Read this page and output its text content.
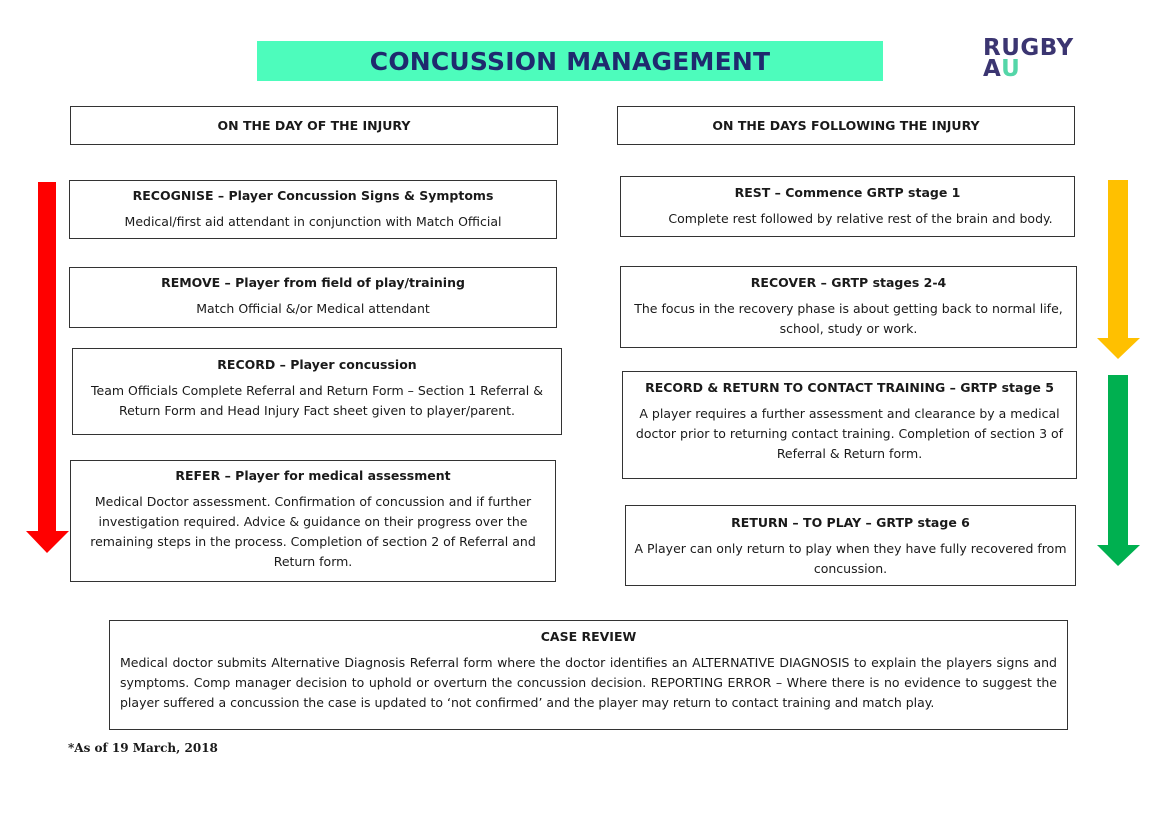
CONCUSSION MANAGEMENT	RUGBY
AU
ON THE DAY OF THE INJURY	ON THE DAYS FOLLOWING THE INJURY
RECOGNISE – Player Concussion Signs & Symptoms
Medical/first aid attendant in conjunction with Match Official
REMOVE – Player from field of play/training
Match Official &/or Medical attendant
RECORD – Player concussion
Team Officials Complete Referral and Return Form – Section 1 Referral & Return Form and Head Injury Fact sheet given to player/parent.
REFER – Player for medical assessment
Medical Doctor assessment. Confirmation of concussion and if further investigation required. Advice & guidance on their progress over the remaining steps in the process. Completion of section 2 of Referral and Return form.
REST – Commence GRTP stage 1
Complete rest followed by relative rest of the brain and body.
RECOVER – GRTP stages 2-4
The focus in the recovery phase is about getting back to normal life, school, study or work.
RECORD & RETURN TO CONTACT TRAINING – GRTP stage 5
A player requires a further assessment and clearance by a medical doctor prior to returning contact training. Completion of section 3 of Referral & Return form.
RETURN – TO PLAY – GRTP stage 6
A Player can only return to play when they have fully recovered from concussion.
CASE REVIEW
Medical doctor submits Alternative Diagnosis Referral form where the doctor identifies an ALTERNATIVE DIAGNOSIS to explain the players signs and symptoms. Comp manager decision to uphold or overturn the concussion decision. REPORTING ERROR – Where there is no evidence to suggest the player suffered a concussion the case is updated to ‘not confirmed’ and the player may return to contact training and match play.
*As of 19 March, 2018
